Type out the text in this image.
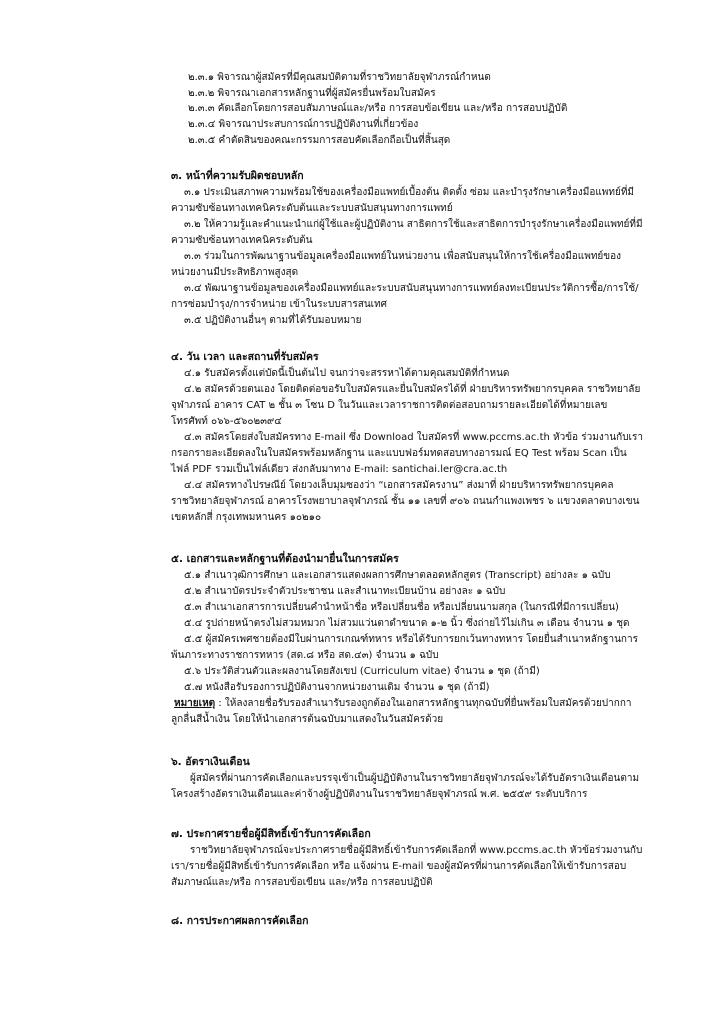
๒.๓.๑ พิจารณาผู้สมัครที่มีคุณสมบัติตามที่ราชวิทยาลัยจุฬาภรณ์กำหนด
๒.๓.๒ พิจารณาเอกสารหลักฐานที่ผู้สมัครยื่นพร้อมใบสมัคร
๒.๓.๓ คัดเลือกโดยการสอบสัมภาษณ์และ/หรือ การสอบข้อเขียน และ/หรือ การสอบปฏิบัติ
๒.๓.๔ พิจารณาประสบการณ์การปฏิบัติงานที่เกี่ยวข้อง
๒.๓.๕ คำตัดสินของคณะกรรมการสอบคัดเลือกถือเป็นที่สิ้นสุด
๓. หน้าที่ความรับผิดชอบหลัก
๓.๑ ประเมินสภาพความพร้อมใช้ของเครื่องมือแพทย์เบื้องต้น ติดตั้ง ซ่อม และบำรุงรักษาเครื่องมือแพทย์ที่มี
ความซับซ้อนทางเทคนิคระดับต้นและระบบสนับสนุนทางการแพทย์
๓.๒ ให้ความรู้และคำแนะนำแก่ผู้ใช้และผู้ปฏิบัติงาน สาธิตการใช้และสาธิตการบำรุงรักษาเครื่องมือแพทย์ที่มี
ความซับซ้อนทางเทคนิคระดับต้น
๓.๓ ร่วมในการพัฒนาฐานข้อมูลเครื่องมือแพทย์ในหน่วยงาน เพื่อสนับสนุนให้การใช้เครื่องมือแพทย์ของ
หน่วยงานมีประสิทธิภาพสูงสุด
๓.๔ พัฒนาฐานข้อมูลของเครื่องมือแพทย์และระบบสนับสนุนทางการแพทย์ลงทะเบียนประวัติการซื้อ/การใช้/
การซ่อมบำรุง/การจำหน่าย เข้าในระบบสารสนเทศ
๓.๕ ปฏิบัติงานอื่นๆ ตามที่ได้รับมอบหมาย
๔. วัน เวลา และสถานที่รับสมัคร
๔.๑ รับสมัครตั้งแต่บัดนี้เป็นต้นไป จนกว่าจะสรรหาได้ตามคุณสมบัติที่กำหนด
๔.๒ สมัครด้วยตนเอง โดยติดต่อขอรับใบสมัครและยื่นใบสมัครได้ที่ ฝ่ายบริหารทรัพยากรบุคคล ราชวิทยาลัย
จุฬาภรณ์ อาคาร CAT ๒ ชั้น ๓ โซน D ในวันและเวลาราชการติดต่อสอบถามรายละเอียดได้ที่หมายเลข
โทรศัพท์ ๐๖๖-๕๖๐๒๓๙๔
๔.๓ สมัครโดยส่งใบสมัครทาง E-mail ซึ่ง Download ใบสมัครที่ www.pccms.ac.th หัวข้อ ร่วมงานกับเรา
กรอกรายละเอียดลงในใบสมัครพร้อมหลักฐาน และแบบฟอร์มทดสอบทางอารมณ์ EQ Test พร้อม Scan เป็น
ไฟล์ PDF รวมเป็นไฟล์เดียว ส่งกลับมาทาง E-mail: santichai.ler@cra.ac.th
๔.๔ สมัครทางไปรษณีย์ โดยวงเล็บมุมซองว่า “เอกสารสมัครงาน” ส่งมาที่ ฝ่ายบริหารทรัพยากรบุคคล
ราชวิทยาลัยจุฬาภรณ์ อาคารโรงพยาบาลจุฬาภรณ์ ชั้น ๑๑ เลขที่ ๙๐๖ ถนนกำแพงเพชร ๖ แขวงตลาดบางเขน
เขตหลักสี่ กรุงเทพมหานคร ๑๐๒๑๐
๕. เอกสารและหลักฐานที่ต้องนำมายื่นในการสมัคร
๕.๑ สำเนาวุฒิการศึกษา และเอกสารแสดงผลการศึกษาตลอดหลักสูตร (Transcript) อย่างละ ๑ ฉบับ
๕.๒ สำเนาบัตรประจำตัวประชาชน และสำเนาทะเบียนบ้าน อย่างละ ๑ ฉบับ
๕.๓ สำเนาเอกสารการเปลี่ยนคำนำหน้าชื่อ หรือเปลี่ยนชื่อ หรือเปลี่ยนนามสกุล (ในกรณีที่มีการเปลี่ยน)
๕.๔ รูปถ่ายหน้าตรงไม่สวมหมวก ไม่สวมแว่นตาดำขนาด ๑-๒ นิ้ว ซึ่งถ่ายไว้ไม่เกิน ๓ เดือน จำนวน ๑ ชุด
๕.๕ ผู้สมัครเพศชายต้องมีใบผ่านการเกณฑ์ทหาร หรือได้รับการยกเว้นทางทหาร โดยยื่นสำเนาหลักฐานการ
พ้นภาระทางราชการทหาร (สด.๘ หรือ สด.๔๓) จำนวน ๑ ฉบับ
๕.๖ ประวัติส่วนตัวและผลงานโดยสังเขป (Curriculum vitae) จำนวน ๑ ชุด (ถ้ามี)
๕.๗ หนังสือรับรองการปฏิบัติงานจากหน่วยงานเดิม จำนวน ๑ ชุด (ถ้ามี)
หมายเหตุ : ให้ลงลายชื่อรับรองสำเนารับรองถูกต้องในเอกสารหลักฐานทุกฉบับที่ยื่นพร้อมใบสมัครด้วยปากกา
ลูกลื่นสีน้ำเงิน โดยให้นำเอกสารต้นฉบับมาแสดงในวันสมัครด้วย
๖. อัตราเงินเดือน
ผู้สมัครที่ผ่านการคัดเลือกและบรรจุเข้าเป็นผู้ปฏิบัติงานในราชวิทยาลัยจุฬาภรณ์จะได้รับอัตราเงินเดือนตาม
โครงสร้างอัตราเงินเดือนและค่าจ้างผู้ปฏิบัติงานในราชวิทยาลัยจุฬาภรณ์ พ.ศ. ๒๕๕๙ ระดับบริการ
๗. ประกาศรายชื่อผู้มีสิทธิ์เข้ารับการคัดเลือก
ราชวิทยาลัยจุฬาภรณ์จะประกาศรายชื่อผู้มีสิทธิ์เข้ารับการคัดเลือกที่ www.pccms.ac.th หัวข้อร่วมงานกับ
เรา/รายชื่อผู้มีสิทธิ์เข้ารับการคัดเลือก หรือ แจ้งผ่าน E-mail ของผู้สมัครที่ผ่านการคัดเลือกให้เข้ารับการสอบ
สัมภาษณ์และ/หรือ การสอบข้อเขียน และ/หรือ การสอบปฏิบัติ
๘. การประกาศผลการคัดเลือก
